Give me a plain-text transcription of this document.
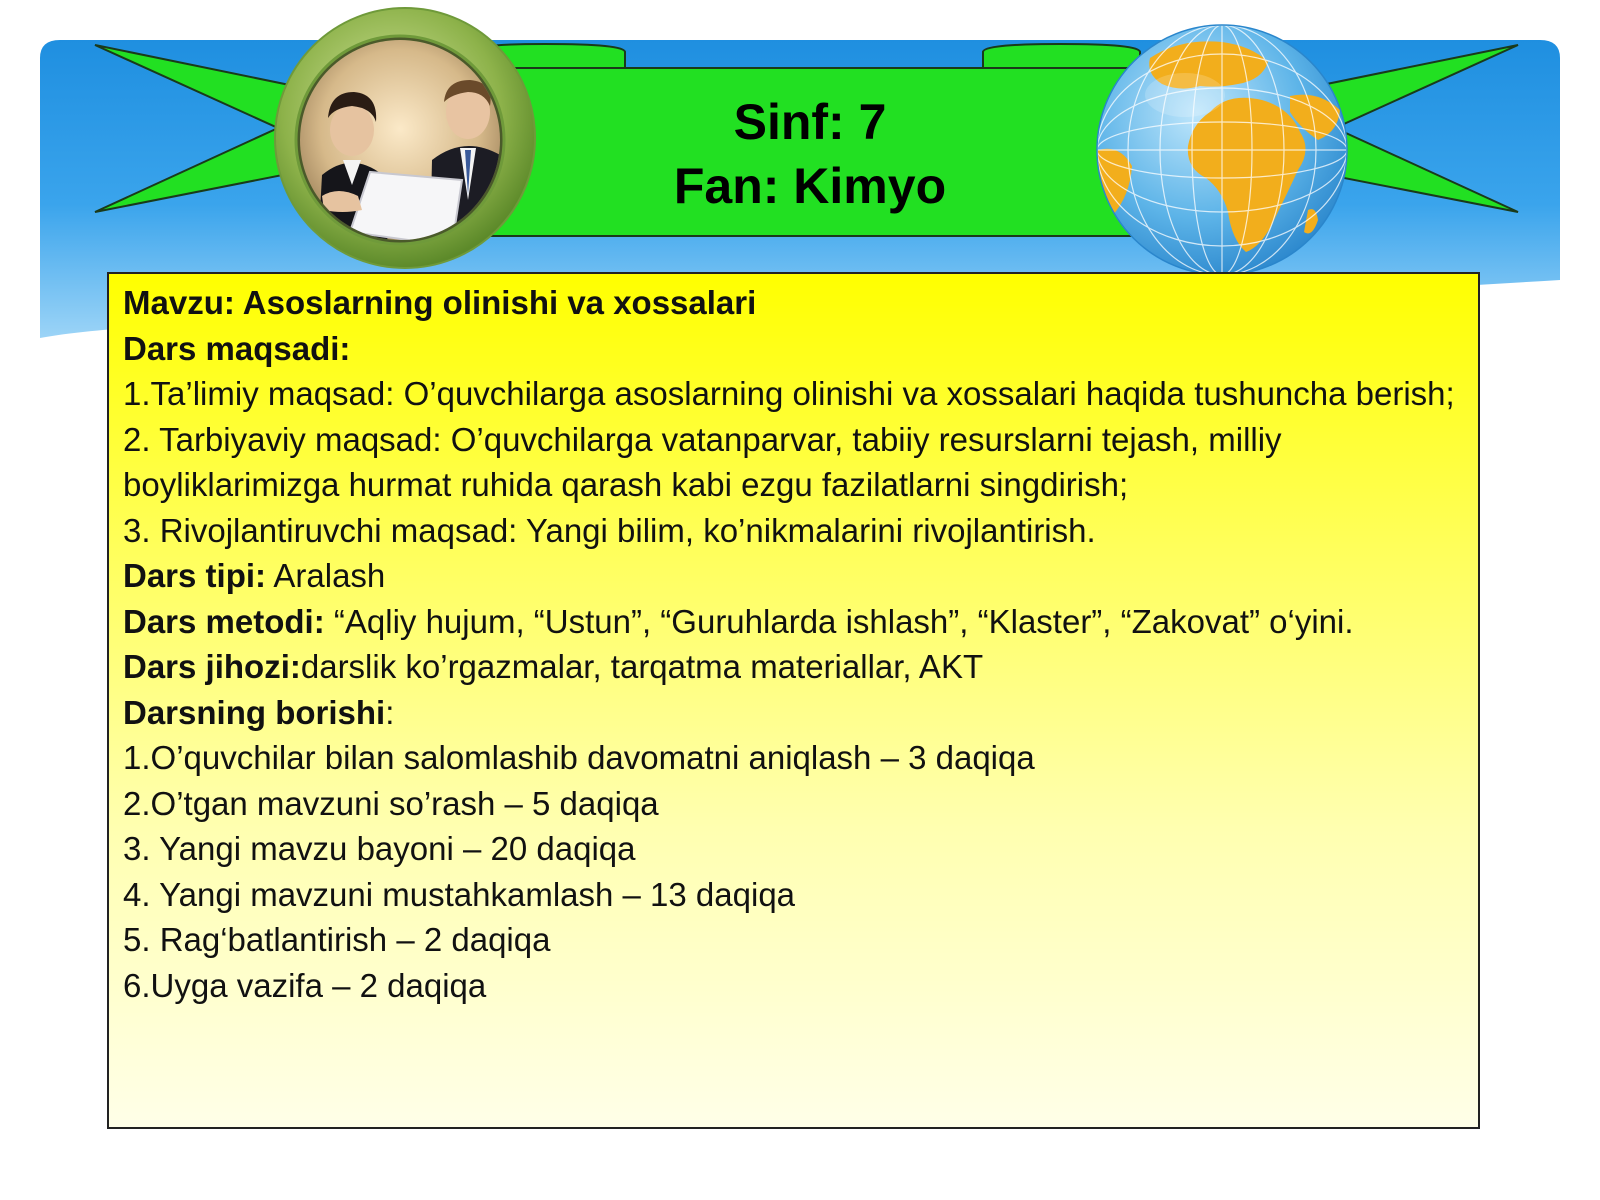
Sinf: 7
Fan: Kimyo

Mavzu: Asoslarning olinishi va xossalari

Dars maqsadi:

1.Ta’limiy maqsad: O’quvchilarga asoslarning olinishi va xossalari haqida tushuncha berish;

2. Tarbiyaviy maqsad: O’quvchilarga vatanparvar, tabiiy resurslarni tejash, milliy boyliklarimizga hurmat ruhida qarash kabi ezgu fazilatlarni singdirish;

3. Rivojlantiruvchi maqsad: Yangi bilim, ko’nikmalarini rivojlantirish.

Dars tipi: Aralash

Dars metodi: “Aqliy hujum, “Ustun”, “Guruhlarda ishlash”, “Klaster”, “Zakovat” o‘yini.

Dars jihozi:darslik ko’rgazmalar, tarqatma materiallar, AKT

Darsning borishi:

1.O’quvchilar bilan salomlashib davomatni aniqlash – 3 daqiqa

2.O’tgan mavzuni so’rash – 5 daqiqa

3. Yangi mavzu bayoni – 20 daqiqa

4. Yangi mavzuni mustahkamlash – 13 daqiqa

5. Rag‘batlantirish – 2 daqiqa

6.Uyga vazifa – 2 daqiqa
